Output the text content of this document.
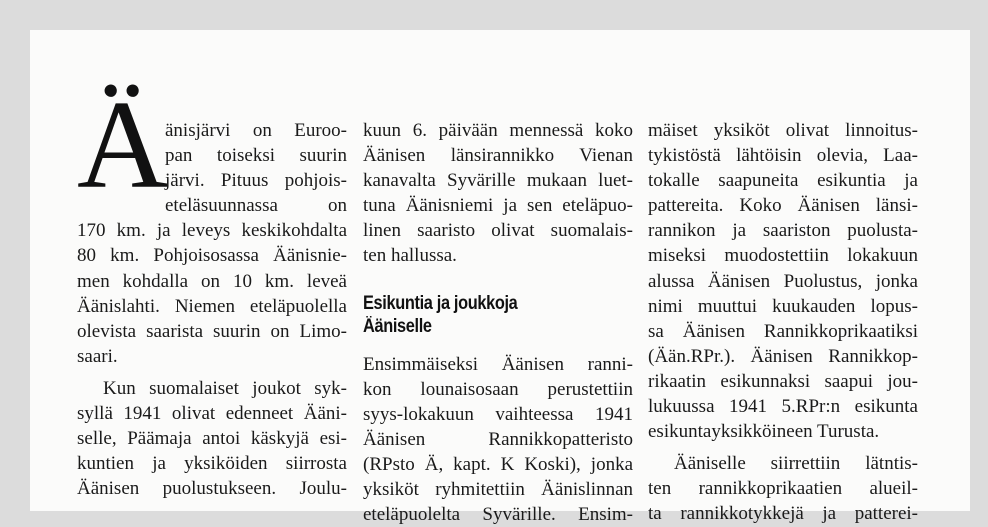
Ä
änisjärvi on Euroo-
pan toiseksi suurin
järvi. Pituus pohjois-
eteläsuunnassa on
170 km. ja leveys keskikohdalta
80 km. Pohjoisosassa Äänisnie-
men kohdalla on 10 km. leveä
Äänislahti. Niemen eteläpuolella
olevista saarista suurin on Limo-
saari.
Kun suomalaiset joukot syk-
syllä 1941 olivat edenneet Ääni-
selle, Päämaja antoi käskyjä esi-
kuntien ja yksiköiden siirrosta
Äänisen puolustukseen. Joulu-
kuun 6. päivään mennessä koko
Äänisen länsirannikko Vienan
kanavalta Syvärille mukaan luet-
tuna Äänisniemi ja sen eteläpuo-
linen saaristo olivat suomalais-
ten hallussa.
Esikuntia ja joukkoja
Ääniselle
Ensimmäiseksi Äänisen ranni-
kon lounaisosaan perustettiin
syys-lokakuun vaihteessa 1941
Äänisen Rannikkopatteristo
(RPsto Ä, kapt. K Koski), jonka
yksiköt ryhmitettiin Äänislinnan
eteläpuolelta Syvärille. Ensim-
mäiset yksiköt olivat linnoitus-
tykistöstä lähtöisin olevia, Laa-
tokalle saapuneita esikuntia ja
pattereita. Koko Äänisen länsi-
rannikon ja saariston puolusta-
miseksi muodostettiin lokakuun
alussa Äänisen Puolustus, jonka
nimi muuttui kuukauden lopus-
sa Äänisen Rannikkoprikaatiksi
(Ään.RPr.). Äänisen Rannikkop-
rikaatin esikunnaksi saapui jou-
lukuussa 1941 5.RPr:n esikunta
esikuntayksikköineen Turusta.
Ääniselle siirrettiin lätntis-
ten rannikkoprikaatien alueil-
ta rannikkotykkejä ja patterei-
